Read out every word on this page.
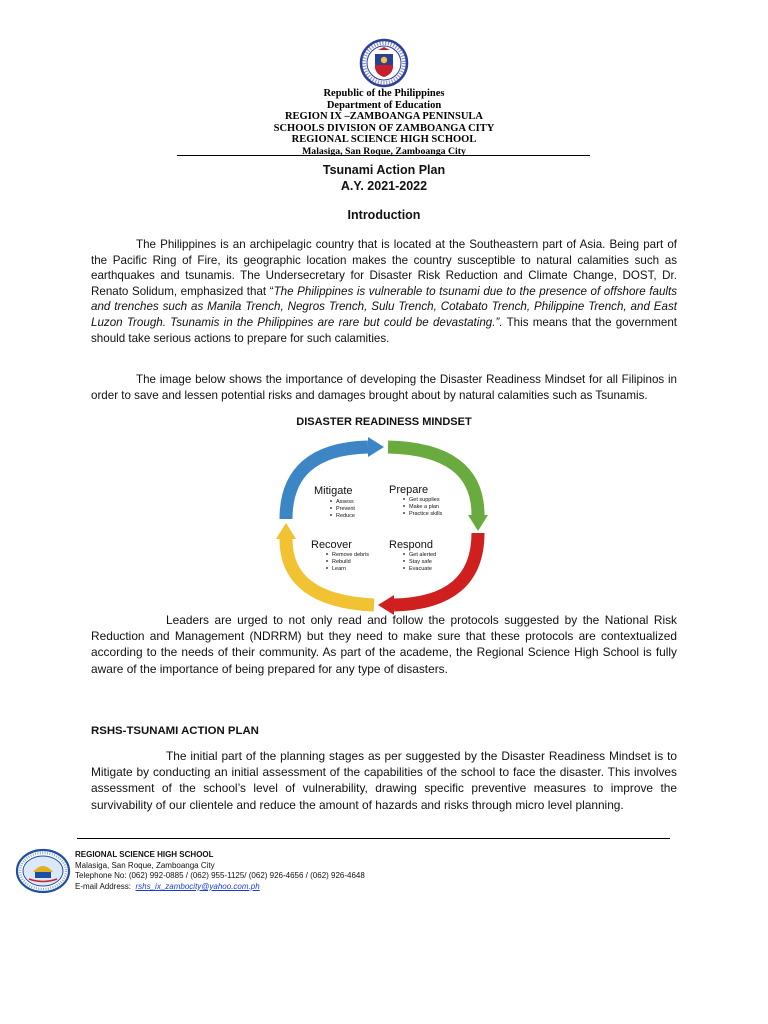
Republic of the Philippines
Department of Education
REGION IX –ZAMBOANGA PENINSULA
SCHOOLS DIVISION OF ZAMBOANGA CITY
REGIONAL SCIENCE HIGH SCHOOL
Malasiga, San Roque, Zamboanga City
Tsunami Action Plan
A.Y. 2021-2022
Introduction
The Philippines is an archipelagic country that is located at the Southeastern part of Asia. Being part of the Pacific Ring of Fire, its geographic location makes the country susceptible to natural calamities such as earthquakes and tsunamis. The Undersecretary for Disaster Risk Reduction and Climate Change, DOST, Dr. Renato Solidum, emphasized that “The Philippines is vulnerable to tsunami due to the presence of offshore faults and trenches such as Manila Trench, Negros Trench, Sulu Trench, Cotabato Trench, Philippine Trench, and East Luzon Trough. Tsunamis in the Philippines are rare but could be devastating.”. This means that the government should take serious actions to prepare for such calamities.
The image below shows the importance of developing the Disaster Readiness Mindset for all Filipinos in order to save and lessen potential risks and damages brought about by natural calamities such as Tsunamis.
DISASTER READINESS MINDSET
Mitigate
Assess
Prevent
Reduce
Prepare
Get supplies
Make a plan
Practice skills
Recover
Remove debris
Rebuild
Learn
Respond
Get alerted
Stay safe
Evacuate
Leaders are urged to not only read and follow the protocols suggested by the National Risk Reduction and Management (NDRRM) but they need to make sure that these protocols are contextualized according to the needs of their community. As part of the academe, the Regional Science High School is fully aware of the importance of being prepared for any type of disasters.
RSHS-TSUNAMI ACTION PLAN
The initial part of the planning stages as per suggested by the Disaster Readiness Mindset is to Mitigate by conducting an initial assessment of the capabilities of the school to face the disaster. This involves assessment of the school’s level of vulnerability, drawing specific preventive measures to improve the survivability of our clientele and reduce the amount of hazards and risks through micro level planning.
REGIONAL SCIENCE HIGH SCHOOL
Malasiga, San Roque, Zamboanga City
Telephone No: (062) 992-0885 / (062) 955-1125/ (062) 926-4656 / (062) 926-4648
E-mail Address: rshs_ix_zambocity@yahoo.com.ph
